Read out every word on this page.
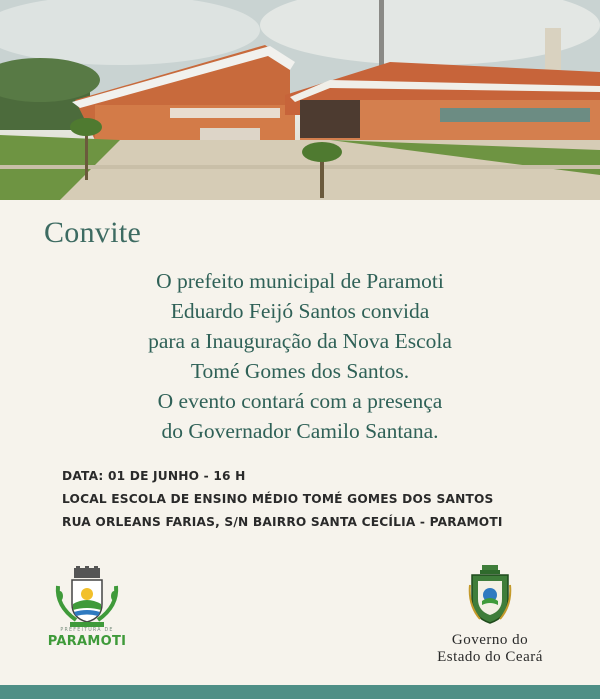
Convite
O prefeito municipal de Paramoti
Eduardo Feijó Santos convida
para a Inauguração da Nova Escola
Tomé Gomes dos Santos.
O evento contará com a presença
do Governador Camilo Santana.
DATA: 01 DE JUNHO - 16 H
LOCAL ESCOLA DE ENSINO MÉDIO TOMÉ GOMES DOS SANTOS
RUA ORLEANS FARIAS, S/N BAIRRO SANTA CECÍLIA - PARAMOTI
PREFEITURA DE
PARAMOTI	Governo do
Estado do Ceará
